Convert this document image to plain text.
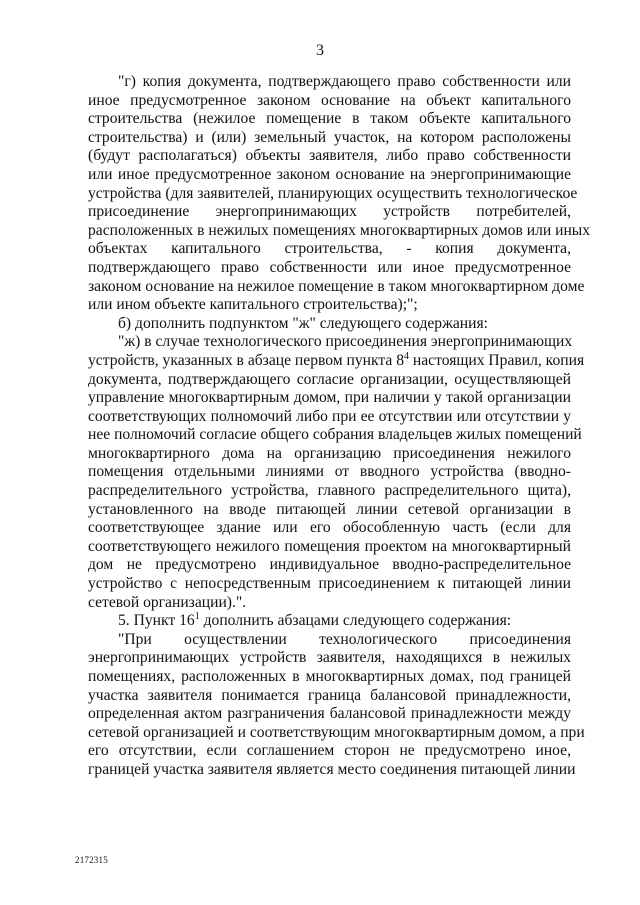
3
"г) копия документа, подтверждающего право собственности или
иное предусмотренное законом основание на объект капитального
строительства (нежилое помещение в таком объекте капитального
строительства) и (или) земельный участок, на котором расположены
(будут располагаться) объекты заявителя, либо право собственности
или иное предусмотренное законом основание на энергопринимающие
устройства (для заявителей, планирующих осуществить технологическое
присоединение энергопринимающих устройств потребителей,
расположенных в нежилых помещениях многоквартирных домов или иных
объектах капитального строительства, - копия документа,
подтверждающего право собственности или иное предусмотренное
законом основание на нежилое помещение в таком многоквартирном доме
или ином объекте капитального строительства);";
б) дополнить подпунктом "ж" следующего содержания:
"ж) в случае технологического присоединения энергопринимающих
устройств, указанных в абзаце первом пункта $8^4$ настоящих Правил, копия
документа, подтверждающего согласие организации, осуществляющей
управление многоквартирным домом, при наличии у такой организации
соответствующих полномочий либо при ее отсутствии или отсутствии у
нее полномочий согласие общего собрания владельцев жилых помещений
многоквартирного дома на организацию присоединения нежилого
помещения отдельными линиями от вводного устройства (вводно-
распределительного устройства, главного распределительного щита),
установленного на вводе питающей линии сетевой организации в
соответствующее здание или его обособленную часть (если для
соответствующего нежилого помещения проектом на многоквартирный
дом не предусмотрено индивидуальное вводно-распределительное
устройство с непосредственным присоединением к питающей линии
сетевой организации).".
5. Пункт $16^1$ дополнить абзацами следующего содержания:
"При осуществлении технологического присоединения
энергопринимающих устройств заявителя, находящихся в нежилых
помещениях, расположенных в многоквартирных домах, под границей
участка заявителя понимается граница балансовой принадлежности,
определенная актом разграничения балансовой принадлежности между
сетевой организацией и соответствующим многоквартирным домом, а при
его отсутствии, если соглашением сторон не предусмотрено иное,
границей участка заявителя является место соединения питающей линии
2172315
